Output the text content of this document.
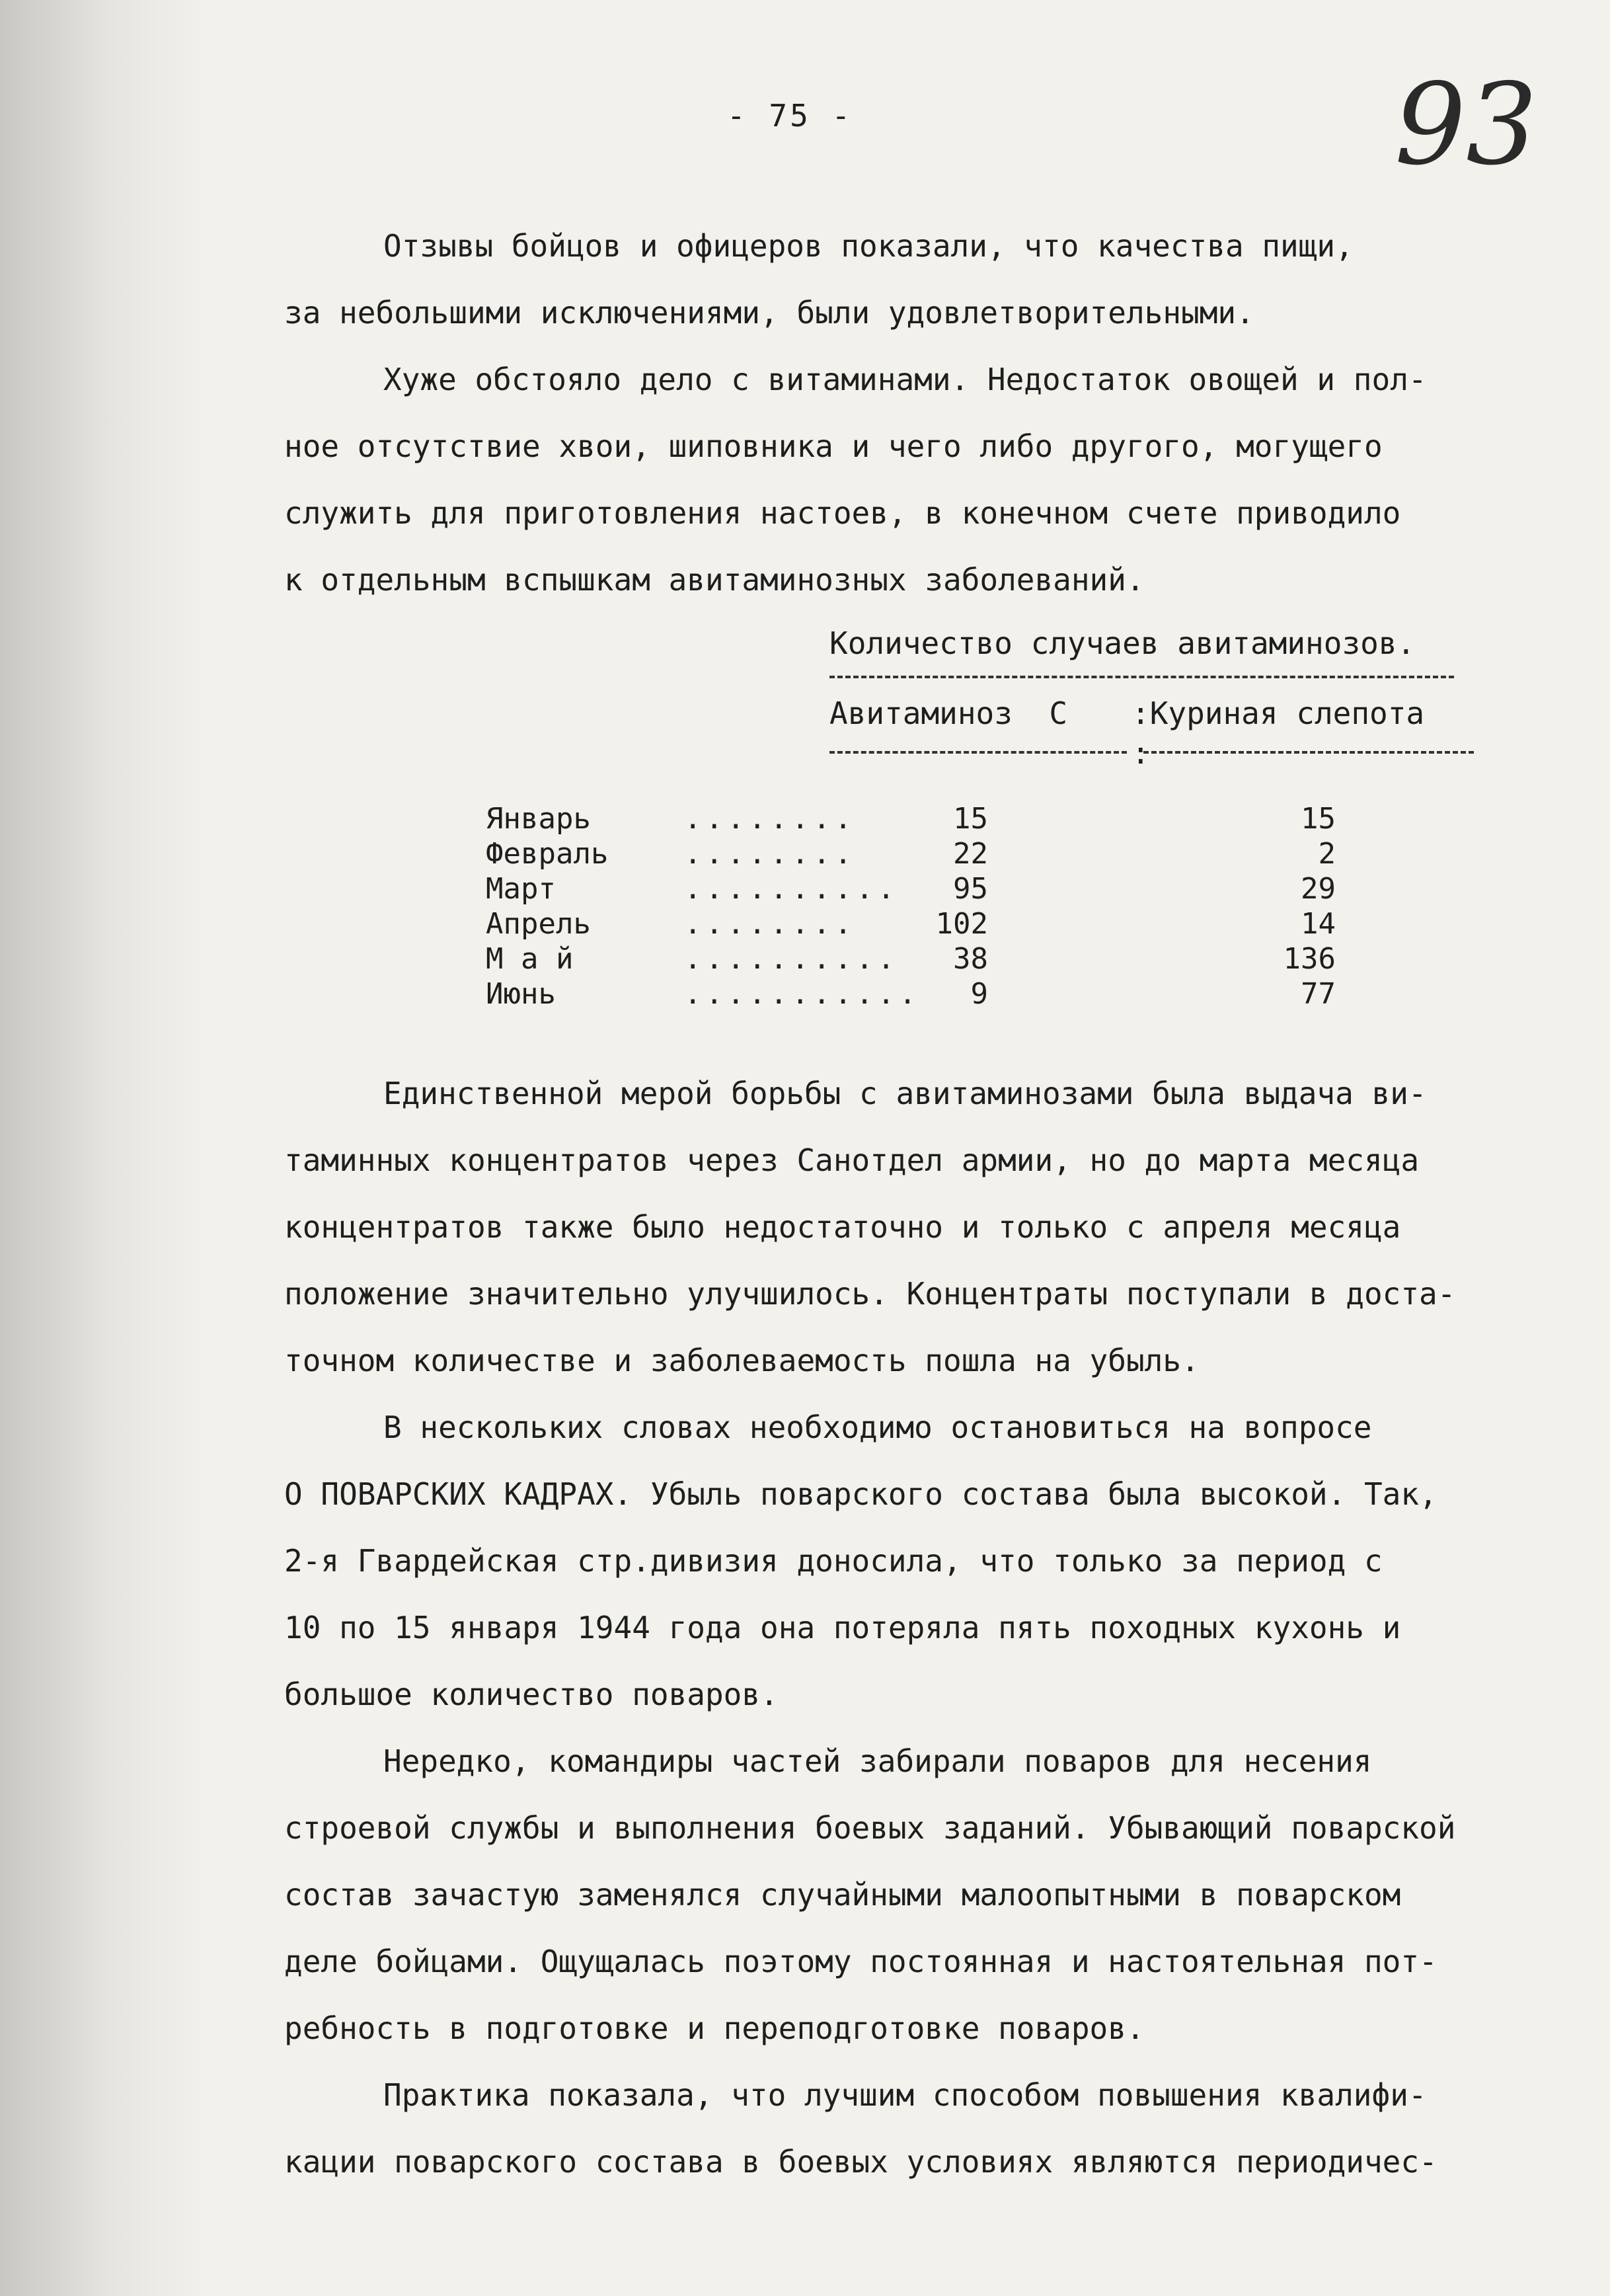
- 75 -	93
Отзывы бойцов и офицеров показали, что качества пищи,
за небольшими исключениями, были удовлетворительными.
Хуже обстояло дело с витаминами. Недостаток овощей и пол-
ное отсутствие хвои, шиповника и чего либо другого, могущего
служить для приготовления настоев, в конечном счете приводило
к отдельным вспышкам авитаминозных заболеваний.
Количество случаев авитаминозов.
Авитаминоз  С :Куриная слепота
:
Январь	........	15	15
Февраль	........	22	2
Март	.......... 95	29
Апрель	........	102	14
М а й	.......... 38	136
Июнь	........... 9	77
Единственной мерой борьбы с авитаминозами была выдача ви-
таминных концентратов через Санотдел армии, но до марта месяца
концентратов также было недостаточно и только с апреля месяца
положение значительно улучшилось. Концентраты поступали в доста-
точном количестве и заболеваемость пошла на убыль.
В нескольких словах необходимо остановиться на вопросе
О ПОВАРСКИХ КАДРАХ. Убыль поварского состава была высокой. Так,
2-я Гвардейская стр.дивизия доносила, что только за период с
10 по 15 января 1944 года она потеряла пять походных кухонь и
большое количество поваров.
Нередко, командиры частей забирали поваров для несения
строевой службы и выполнения боевых заданий. Убывающий поварской
состав зачастую заменялся случайными малоопытными в поварском
деле бойцами. Ощущалась поэтому постоянная и настоятельная пот-
ребность в подготовке и переподготовке поваров.
Практика показала, что лучшим способом повышения квалифи-
кации поварского состава в боевых условиях являются периодичес-
